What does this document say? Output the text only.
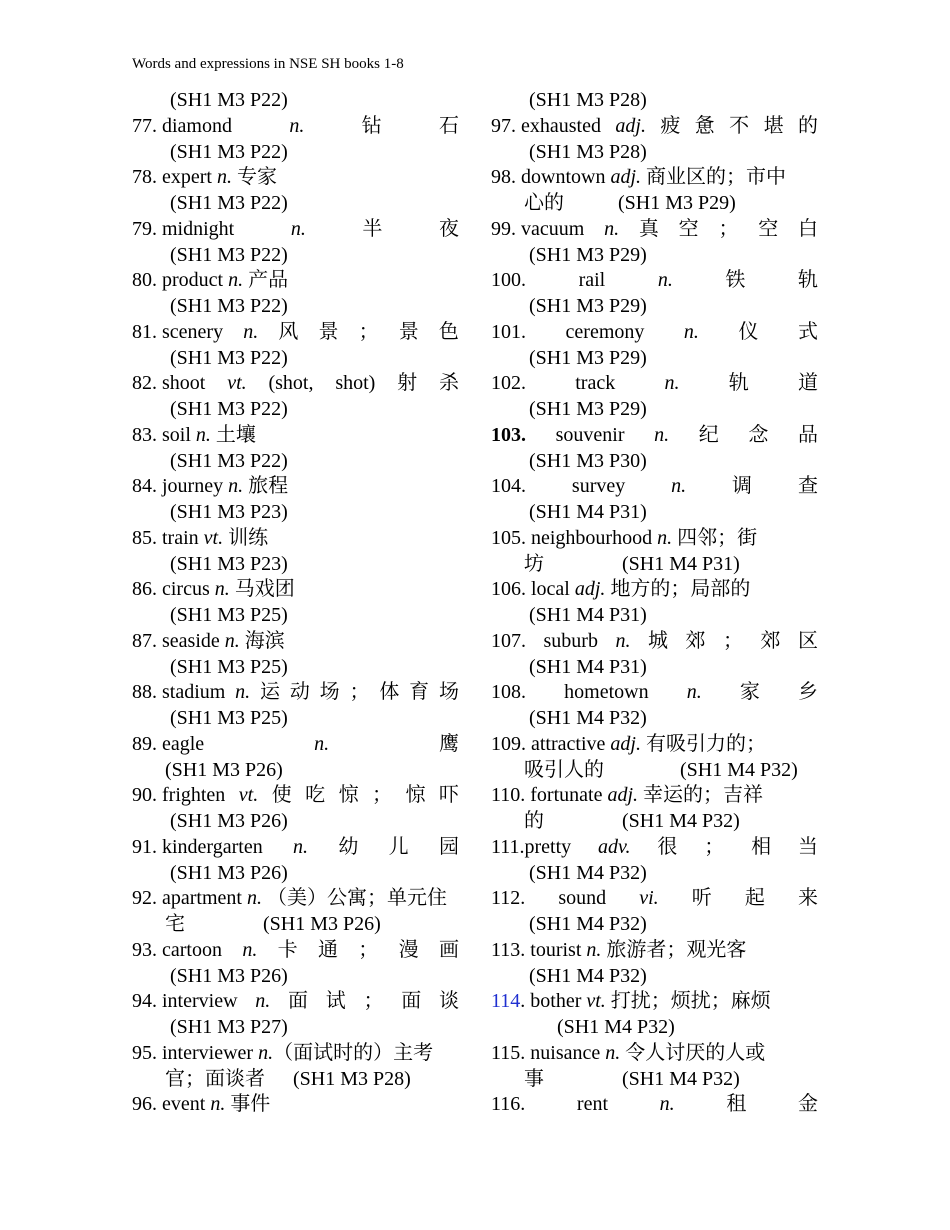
Words and expressions in NSE SH books 1-8
(SH1 M3 P22)
77. diamond	n.	钻	石
(SH1 M3 P22)
78. expert n. 专家
(SH1 M3 P22)
79. midnight	n.	半	夜
(SH1 M3 P22)
80. product n. 产品
(SH1 M3 P22)
81. scenery n. 风 景 ； 景 色
(SH1 M3 P22)
82. shoot vt. (shot, shot) 射 杀
(SH1 M3 P22)
83. soil n. 土壤
(SH1 M3 P22)
84. journey n. 旅程
(SH1 M3 P23)
85. train vt. 训练
(SH1 M3 P23)
86. circus n. 马戏团
(SH1 M3 P25)
87. seaside n. 海滨
(SH1 M3 P25)
88. stadium n. 运 动 场 ； 体 育 场
(SH1 M3 P25)
89. eagle	n.	鹰
(SH1 M3 P26)
90. frighten vt. 使 吃 惊 ； 惊 吓
(SH1 M3 P26)
91. kindergarten n. 幼 儿 园
(SH1 M3 P26)
92. apartment n. （美）公寓；单元住
宅	(SH1 M3 P26)
93. cartoon n. 卡 通 ； 漫 画
(SH1 M3 P26)
94. interview n. 面 试 ； 面 谈
(SH1 M3 P27)
95. interviewer n.（面试时的）主考
官；面谈者 (SH1 M3 P28)
96. event n. 事件
(SH1 M3 P28)
97. exhausted adj. 疲 惫 不 堪 的
(SH1 M3 P28)
98. downtown adj. 商业区的；市中
心的	(SH1 M3 P29)
99. vacuum n. 真 空 ； 空 白
(SH1 M3 P29)
100.	rail	n.	铁	轨
(SH1 M3 P29)
101. ceremony n. 仪 式
(SH1 M3 P29)
102. track n. 轨 道
(SH1 M3 P29)
103. souvenir n. 纪 念 品
(SH1 M3 P30)
104. survey n. 调 查
(SH1 M4 P31)
105. neighbourhood n. 四邻；街
坊	(SH1 M4 P31)
106. local adj. 地方的；局部的
(SH1 M4 P31)
107. suburb n. 城 郊 ； 郊 区
(SH1 M4 P31)
108. hometown n. 家 乡
(SH1 M4 P32)
109. attractive adj. 有吸引力的；
吸引人的	(SH1 M4 P32)
110. fortunate adj. 幸运的；吉祥
的	(SH1 M4 P32)
111.pretty adv. 很 ； 相 当
(SH1 M4 P32)
112. sound vi. 听 起 来
(SH1 M4 P32)
113. tourist n. 旅游者；观光客
(SH1 M4 P32)
114. bother vt. 打扰；烦扰；麻烦
(SH1 M4 P32)
115. nuisance n. 令人讨厌的人或
事	(SH1 M4 P32)
116.	rent	n.	租	金
